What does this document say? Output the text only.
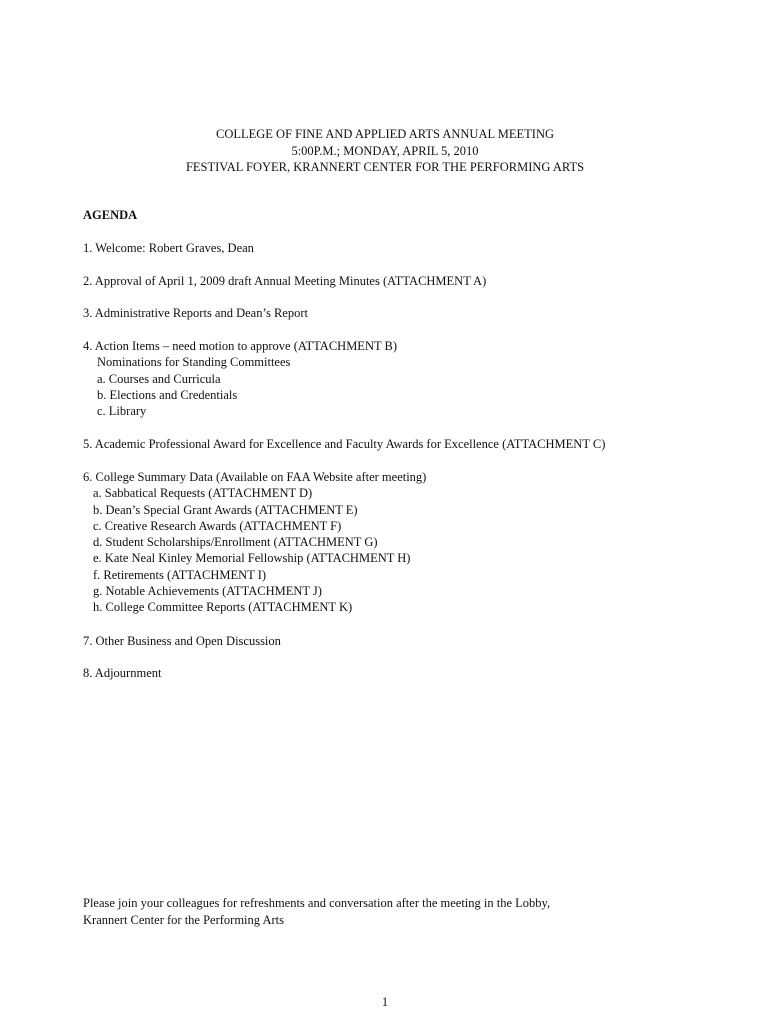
COLLEGE OF FINE AND APPLIED ARTS ANNUAL MEETING
5:00P.M.; MONDAY, APRIL 5, 2010
FESTIVAL FOYER, KRANNERT CENTER FOR THE PERFORMING ARTS
AGENDA
1. Welcome: Robert Graves, Dean
2. Approval of April 1, 2009 draft Annual Meeting Minutes (ATTACHMENT A)
3. Administrative Reports and Dean’s Report
4. Action Items – need motion to approve (ATTACHMENT B)
Nominations for Standing Committees
a. Courses and Curricula
b. Elections and Credentials
c. Library
5. Academic Professional Award for Excellence and Faculty Awards for Excellence (ATTACHMENT C)
6. College Summary Data (Available on FAA Website after meeting)
a. Sabbatical Requests (ATTACHMENT D)
b. Dean’s Special Grant Awards (ATTACHMENT E)
c. Creative Research Awards (ATTACHMENT F)
d. Student Scholarships/Enrollment (ATTACHMENT G)
e. Kate Neal Kinley Memorial Fellowship (ATTACHMENT H)
f. Retirements (ATTACHMENT I)
g. Notable Achievements (ATTACHMENT J)
h. College Committee Reports (ATTACHMENT K)
7. Other Business and Open Discussion
8. Adjournment
Please join your colleagues for refreshments and conversation after the meeting in the Lobby,
Krannert Center for the Performing Arts
1
